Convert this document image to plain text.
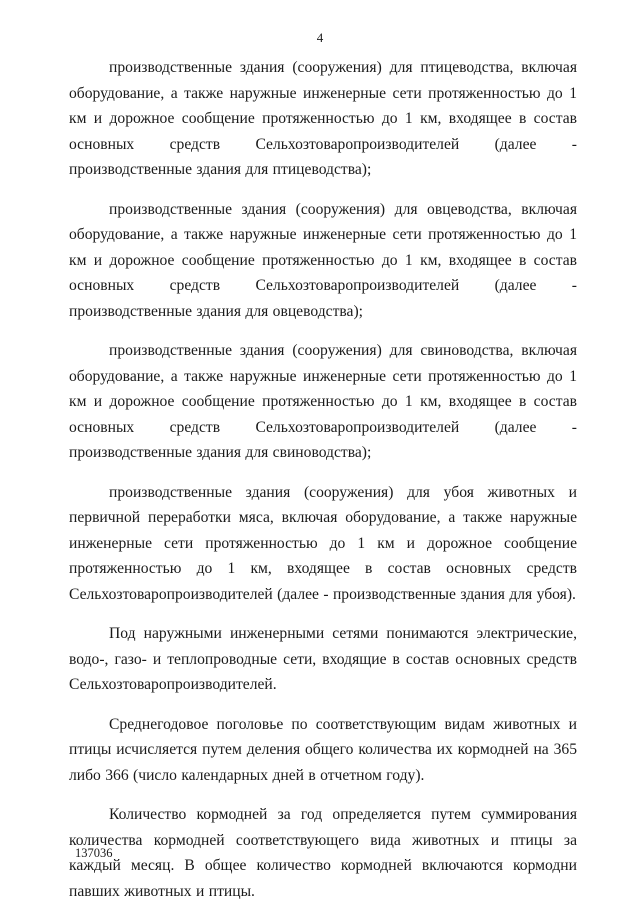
4

производственные здания (сооружения) для птицеводства, включая оборудование, а также наружные инженерные сети протяженностью до 1 км и дорожное сообщение протяженностью до 1 км, входящее в состав основных средств Сельхозтоваропроизводителей (далее - производственные здания для птицеводства);

производственные здания (сооружения) для овцеводства, включая оборудование, а также наружные инженерные сети протяженностью до 1 км и дорожное сообщение протяженностью до 1 км, входящее в состав основных средств Сельхозтоваропроизводителей (далее - производственные здания для овцеводства);

производственные здания (сооружения) для свиноводства, включая оборудование, а также наружные инженерные сети протяженностью до 1 км и дорожное сообщение протяженностью до 1 км, входящее в состав основных средств Сельхозтоваропроизводителей (далее - производственные здания для свиноводства);

производственные здания (сооружения) для убоя животных и первичной переработки мяса, включая оборудование, а также наружные инженерные сети протяженностью до 1 км и дорожное сообщение протяженностью до 1 км, входящее в состав основных средств Сельхозтоваропроизводителей (далее - производственные здания для убоя).

Под наружными инженерными сетями понимаются электрические, водо-, газо- и теплопроводные сети, входящие в состав основных средств Сельхозтоваропроизводителей.

Среднегодовое поголовье по соответствующим видам животных и птицы исчисляется путем деления общего количества их кормодней на 365 либо 366 (число календарных дней в отчетном году).

Количество кормодней за год определяется путем суммирования количества кормодней соответствующего вида животных и птицы за каждый месяц. В общее количество кормодней включаются кормодни павших животных и птицы.

137036
